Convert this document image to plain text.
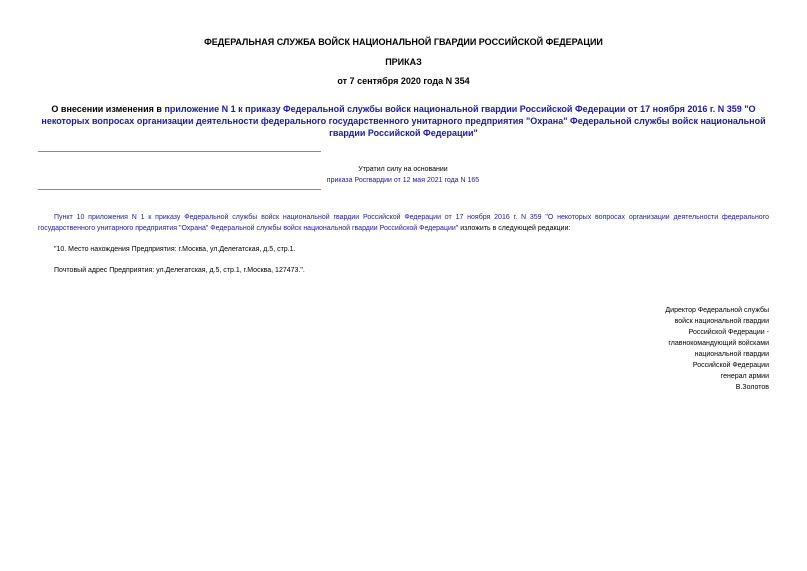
ФЕДЕРАЛЬНАЯ СЛУЖБА ВОЙСК НАЦИОНАЛЬНОЙ ГВАРДИИ РОССИЙСКОЙ ФЕДЕРАЦИИ
ПРИКАЗ
от 7 сентября 2020 года N 354
О внесении изменения в приложение N 1 к приказу Федеральной службы войск национальной гвардии Российской Федерации от 17 ноября 2016 г. N 359 "О некоторых вопросах организации деятельности федерального государственного унитарного предприятия "Охрана" Федеральной службы войск национальной гвардии Российской Федерации"
Утратил силу на основании
приказа Росгвардии от 12 мая 2021 года N 165
Пункт 10 приложения N 1 к приказу Федеральной службы войск национальной гвардии Российской Федерации от 17 ноября 2016 г. N 359 "О некоторых вопросах организации деятельности федерального государственного унитарного предприятия "Охрана" Федеральной службы войск национальной гвардии Российской Федерации" изложить в следующей редакции:
"10. Место нахождения Предприятия: г.Москва, ул.Делегатская, д.5, стр.1.
Почтовый адрес Предприятия: ул.Делегатская, д.5, стр.1, г.Москва, 127473.".
Директор Федеральной службы
войск национальной гвардии
Российской Федерации -
главнокомандующий войсками
национальной гвардии
Российской Федерации
генерал армии
В.Золотов
